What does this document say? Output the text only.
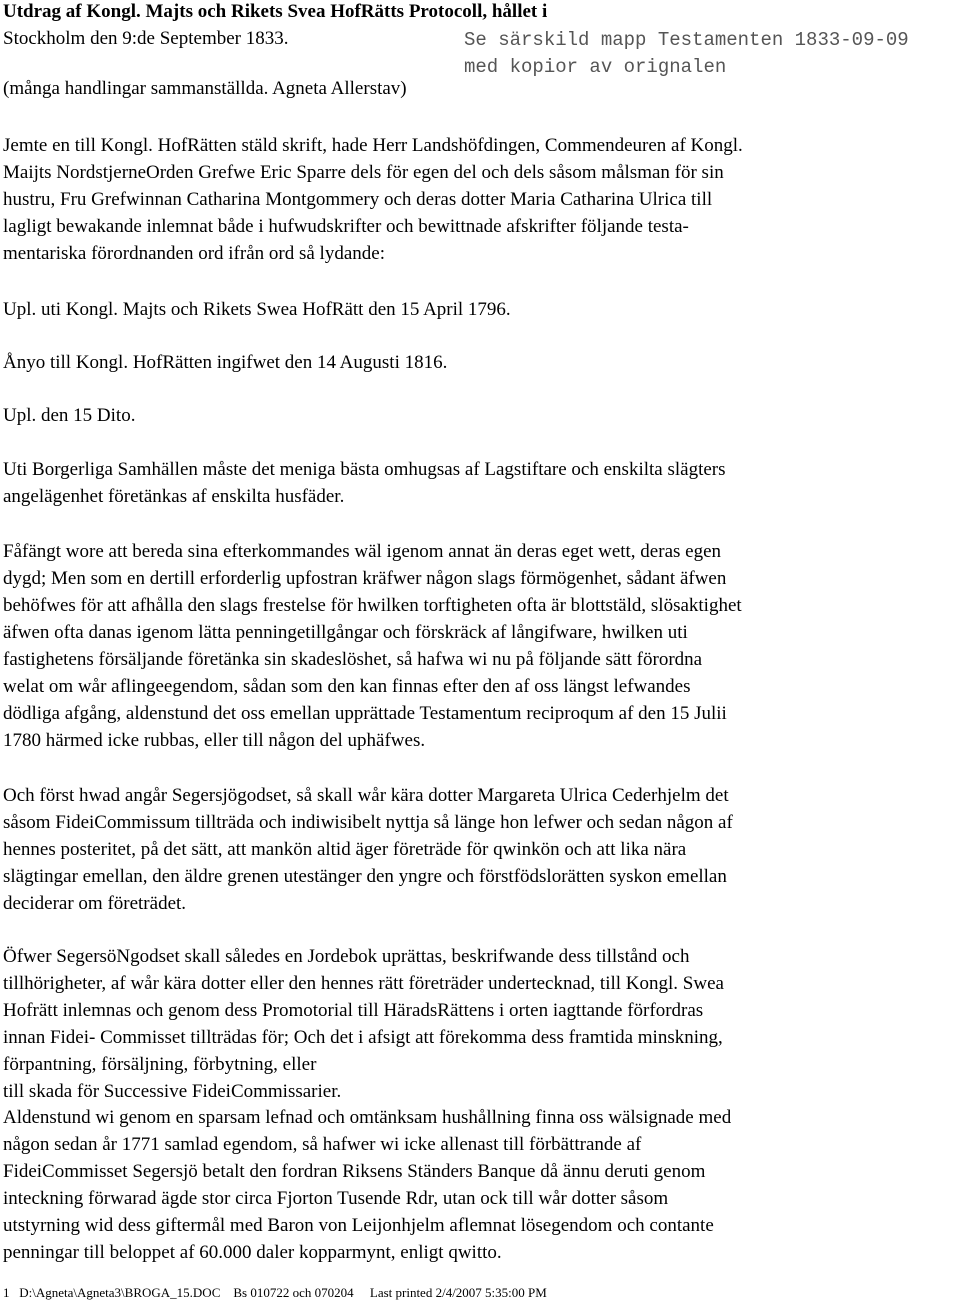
Utdrag af Kongl. Majts och Rikets Svea HofRätts Protocoll, hållet i
Stockholm den 9:de September 1833.	Se särskild mapp Testamenten 1833-09-09
med kopior av orignalen
(många handlingar sammanställda. Agneta Allerstav)
Jemte en till Kongl. HofRätten stäld skrift, hade Herr Landshöfdingen, Commendeuren af Kongl.
Maijts NordstjerneOrden Grefwe Eric Sparre dels för egen del och dels såsom målsman för sin
hustru, Fru Grefwinnan Catharina Montgommery och deras dotter Maria Catharina Ulrica till
lagligt bewakande inlemnat både i hufwudskrifter och bewittnade afskrifter följande testa-
mentariska förordnanden ord ifrån ord så lydande:
Upl. uti Kongl. Majts och Rikets Swea HofRätt den 15 April 1796.
Ånyo till Kongl. HofRätten ingifwet den 14 Augusti 1816.
Upl. den 15 Dito.
Uti Borgerliga Samhällen måste det meniga bästa omhugsas af Lagstiftare och enskilta slägters
angelägenhet företänkas af enskilta husfäder.
Fåfängt wore att bereda sina efterkommandes wäl igenom annat än deras eget wett, deras egen
dygd; Men som en dertill erforderlig upfostran kräfwer någon slags förmögenhet, sådant äfwen
behöfwes för att afhålla den slags frestelse för hwilken torftigheten ofta är blottstäld, slösaktighet
äfwen ofta danas igenom lätta penningetillgångar och förskräck af långifware, hwilken uti
fastighetens försäljande företänka sin skadeslöshet, så hafwa wi nu på följande sätt förordna
welat om wår aflingeegendom, sådan som den kan finnas efter den af oss längst lefwandes
dödliga afgång, aldenstund det oss emellan upprättade Testamentum reciproqum af den 15 Julii
1780 härmed icke rubbas, eller till någon del uphäfwes.
Och först hwad angår Segersjögodset, så skall wår kära dotter Margareta Ulrica Cederhjelm det
såsom FideiCommissum tillträda och indiwisibelt nyttja så länge hon lefwer och sedan någon af
hennes posteritet, på det sätt, att mankön altid äger företräde för qwinkön och att lika nära
slägtingar emellan, den äldre grenen utestänger den yngre och förstfödslorätten syskon emellan
deciderar om företrädet.
Öfwer SegersöNgodset skall således en Jordebok uprättas, beskrifwande dess tillstånd och
tillhörigheter, af wår kära dotter eller den hennes rätt företräder undertecknad, till Kongl. Swea
Hofrätt inlemnas och genom dess Promotorial till HäradsRättens i orten iagttande förfordras
innan Fidei- Commisset tillträdas för; Och det i afsigt att förekomma dess framtida minskning,
förpantning, försäljning, förbytning, eller
till skada för Successive FideiCommissarier.
Aldenstund wi genom en sparsam lefnad och omtänksam hushållning finna oss wälsignade med
någon sedan år 1771 samlad egendom, så hafwer wi icke allenast till förbättrande af
FideiCommisset Segersjö betalt den fordran Riksens Ständers Banque då ännu deruti genom
inteckning förwarad ägde stor circa Fjorton Tusende Rdr, utan ock till wår dotter såsom
utstyrning wid dess giftermål med Baron von Leijonhjelm aflemnat lösegendom och contante
penningar till beloppet af 60.000 daler kopparmynt, enligt qwitto.
1 D:\Agneta\Agneta3\BROGA_15.DOC Bs 010722 och 070204 Last printed 2/4/2007 5:35:00 PM
